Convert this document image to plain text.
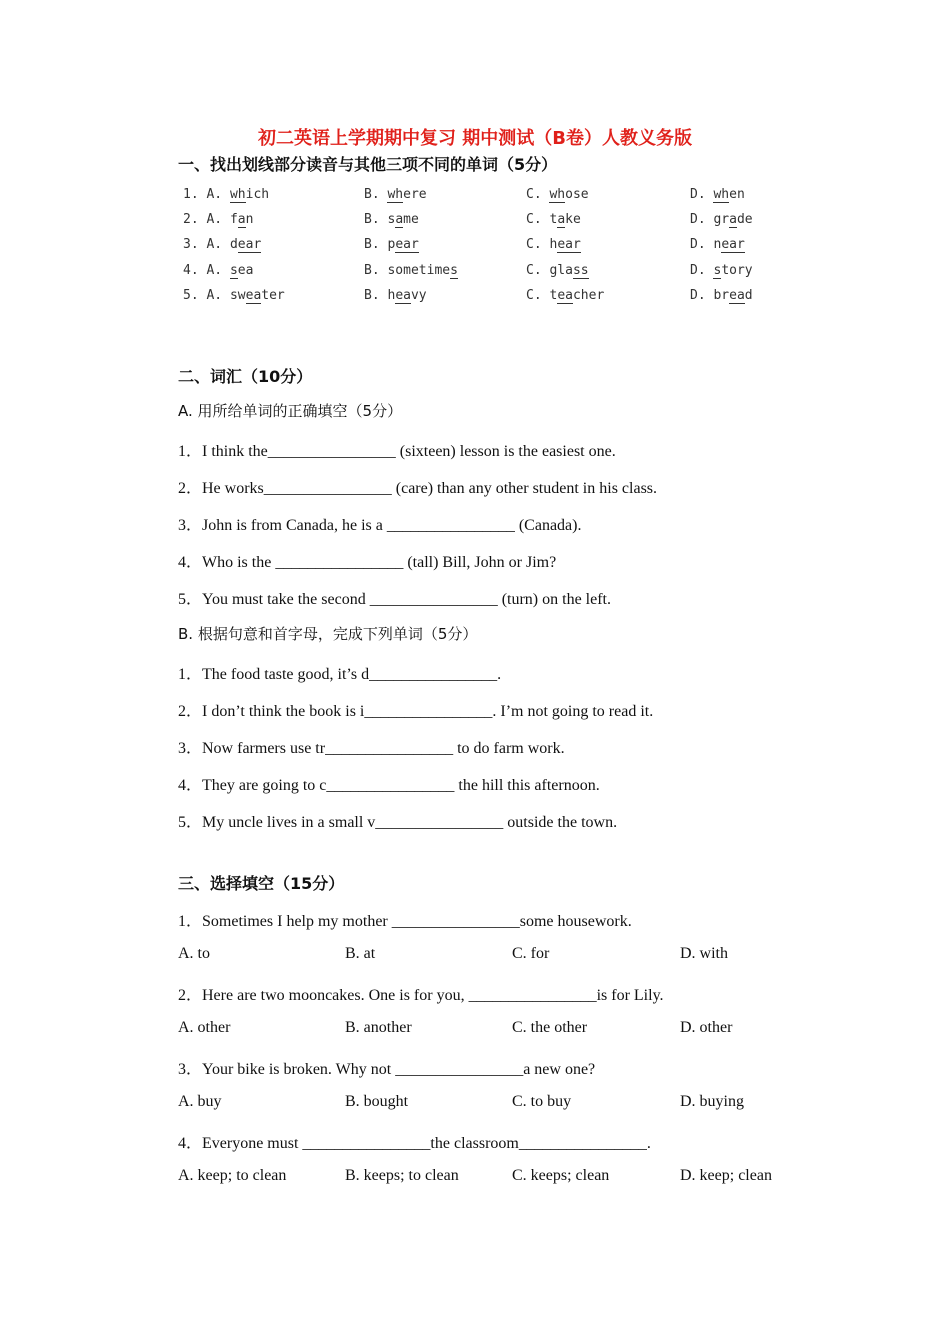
初二英语上学期期中复习 期中测试（B卷）人教义务版
一、找出划线部分读音与其他三项不同的单词（5分）
1. A. which	B. where	C. whose	D. when
2. A. fan	B. same	C. take	D. grade
3. A. dear	B. pear	C. hear	D. near
4. A. sea	B. sometimes	C. glass	D. story
5. A. sweater	B. heavy	C. teacher	D. bread
二、词汇（10分）
A. 用所给单词的正确填空（5分）
1．I think the________________ (sixteen) lesson is the easiest one.
2．He works________________ (care) than any other student in his class.
3．John is from Canada, he is a ________________ (Canada).
4．Who is the ________________ (tall) Bill, John or Jim?
5．You must take the second ________________ (turn) on the left.
B. 根据句意和首字母，完成下列单词（5分）
1．The food taste good, it’s d________________.
2．I don’t think the book is i________________. I’m not going to read it.
3．Now farmers use tr________________ to do farm work.
4．They are going to c________________ the hill this afternoon.
5．My uncle lives in a small v________________ outside the town.
三、选择填空（15分）
1．Sometimes I help my mother ________________some housework.
A. to	B. at	C. for	D. with
2．Here are two mooncakes. One is for you, ________________is for Lily.
A. other	B. another	C. the other	D. other
3．Your bike is broken. Why not ________________a new one?
A. buy	B. bought	C. to buy	D. buying
4．Everyone must ________________the classroom________________.
A. keep; to clean	B. keeps; to clean	C. keeps; clean	D. keep; clean
